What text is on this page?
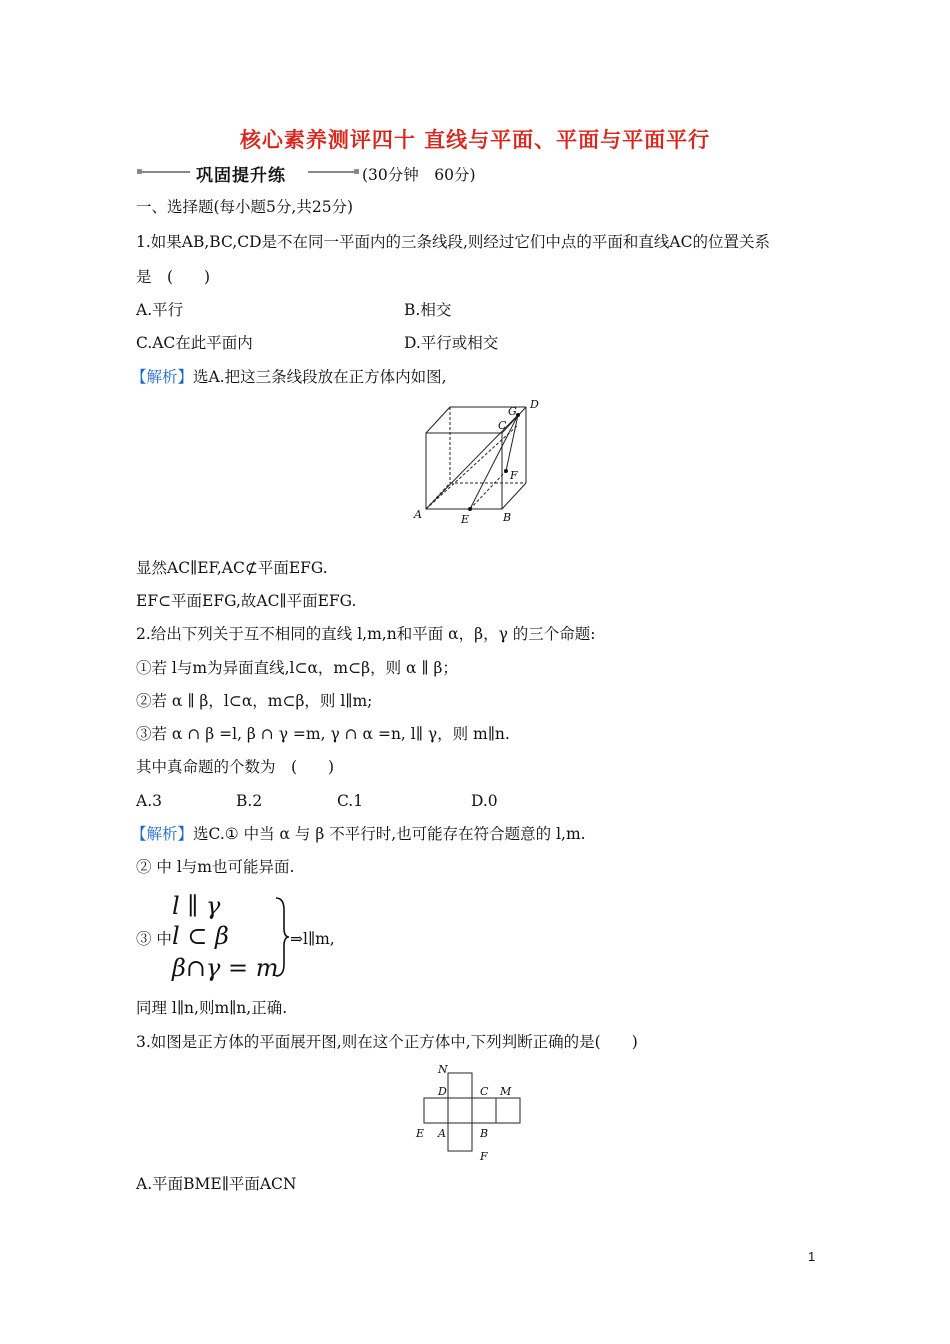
核心素养测评四十 直线与平面、平面与平面平行
巩固提升练	(30分钟　60分)
一、选择题(每小题5分,共25分)
1.如果AB,BC,CD是不在同一平面内的三条线段,则经过它们中点的平面和直线AC的位置关系
是　(　　)
A.平行	B.相交
C.AC在此平面内	D.平行或相交
【解析】选A.把这三条线段放在正方体内如图,
A	B
C
D
E
F
G
显然AC∥EF,AC⊄平面EFG.
EF⊂平面EFG,故AC∥平面EFG.
2.给出下列关于互不相同的直线 l,m,n和平面 α，β，γ 的三个命题:
①若 l与m为异面直线,l⊂α，m⊂β，则 α ∥ β；
②若 α ∥ β，l⊂α，m⊂β，则 l∥m;
③若 α ∩ β =l, β ∩ γ =m, γ ∩ α =n, l∥ γ，则 m∥n.
其中真命题的个数为　(　　)
A.3	B.2	C.1	D.0
【解析】选C.① 中当 α 与 β 不平行时,也可能存在符合题意的 l,m.
② 中 l与m也可能异面.
l ∥ γ
③ 中 l ⊂ β
β∩γ = m
⇒l∥m,
同理 l∥n,则m∥n,正确.
3.如图是正方体的平面展开图,则在这个正方体中,下列判断正确的是(　　)
N
D	C M
E A	B
F
A.平面BME∥平面ACN
1
